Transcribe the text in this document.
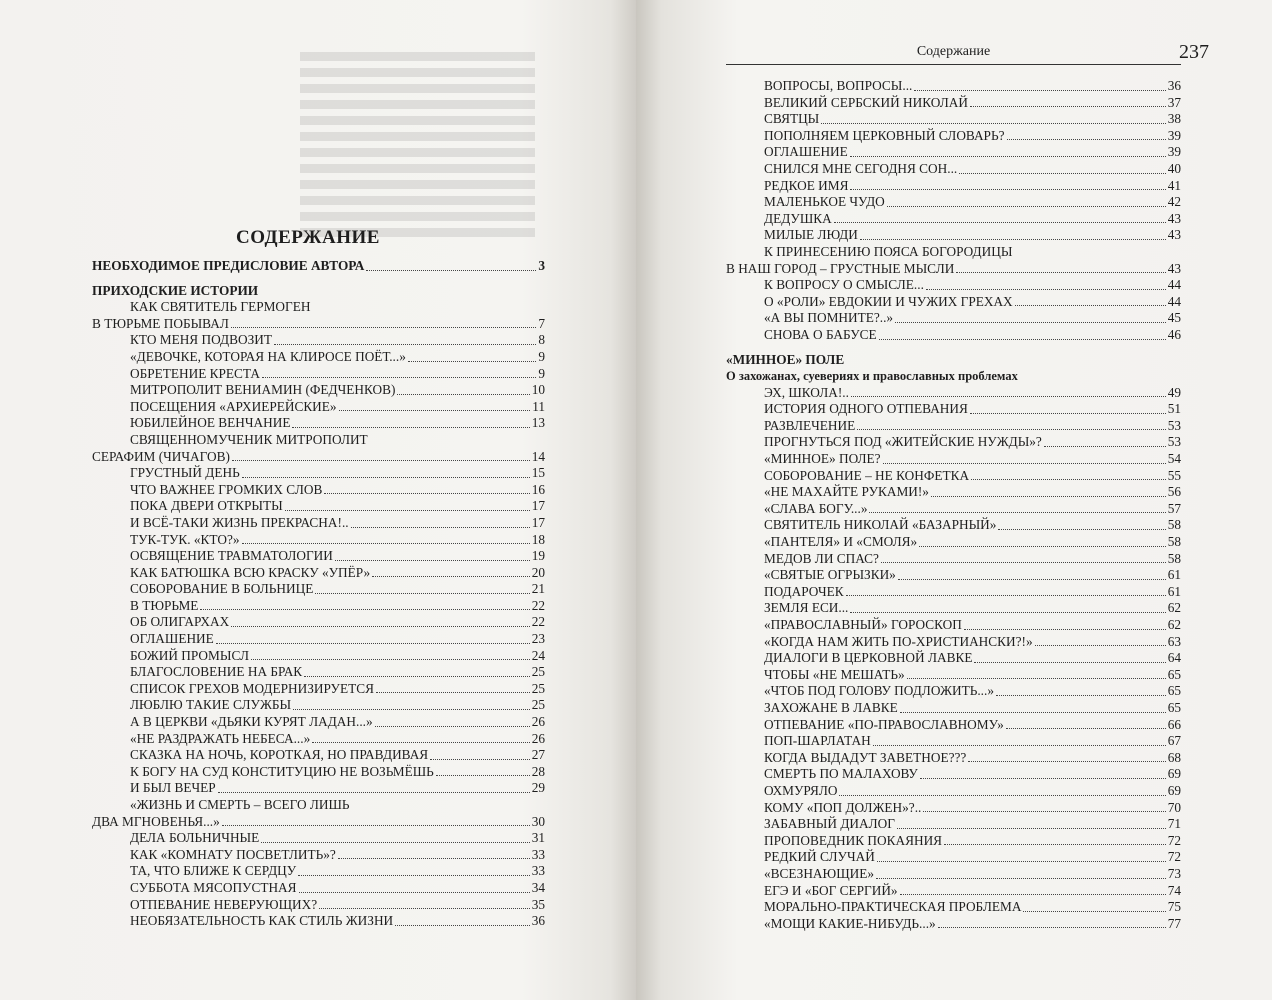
СОДЕРЖАНИЕ
НЕОБХОДИМОЕ ПРЕДИСЛОВИЕ АВТОРА	3
ПРИХОДСКИЕ ИСТОРИИ
КАК СВЯТИТЕЛЬ ГЕРМОГЕН
В ТЮРЬМЕ ПОБЫВАЛ	7
КТО МЕНЯ ПОДВОЗИТ	8
«ДЕВОЧКЕ, КОТОРАЯ НА КЛИРОСЕ ПОЁТ...»	9
ОБРЕТЕНИЕ КРЕСТА	9
МИТРОПОЛИТ ВЕНИАМИН (ФЕДЧЕНКОВ)	10
ПОСЕЩЕНИЯ «АРХИЕРЕЙСКИЕ»	11
ЮБИЛЕЙНОЕ ВЕНЧАНИЕ	13
СВЯЩЕННОМУЧЕНИК МИТРОПОЛИТ
СЕРАФИМ (ЧИЧАГОВ)	14
ГРУСТНЫЙ ДЕНЬ	15
ЧТО ВАЖНЕЕ ГРОМКИХ СЛОВ	16
ПОКА ДВЕРИ ОТКРЫТЫ	17
И ВСЁ-ТАКИ ЖИЗНЬ ПРЕКРАСНА!..	17
ТУК-ТУК. «КТО?»	18
ОСВЯЩЕНИЕ ТРАВМАТОЛОГИИ	19
КАК БАТЮШКА ВСЮ КРАСКУ «УПЁР»	20
СОБОРОВАНИЕ В БОЛЬНИЦЕ	21
В ТЮРЬМЕ	22
ОБ ОЛИГАРХАХ	22
ОГЛАШЕНИЕ	23
БОЖИЙ ПРОМЫСЛ	24
БЛАГОСЛОВЕНИЕ НА БРАК	25
СПИСОК ГРЕХОВ МОДЕРНИЗИРУЕТСЯ	25
ЛЮБЛЮ ТАКИЕ СЛУЖБЫ	25
А В ЦЕРКВИ «ДЬЯКИ КУРЯТ ЛАДАН...»	26
«НЕ РАЗДРАЖАТЬ НЕБЕСА...»	26
СКАЗКА НА НОЧЬ, КОРОТКАЯ, НО ПРАВДИВАЯ	27
К БОГУ НА СУД КОНСТИТУЦИЮ НЕ ВОЗЬМЁШЬ	28
И БЫЛ ВЕЧЕР	29
«ЖИЗНЬ И СМЕРТЬ – ВСЕГО ЛИШЬ
ДВА МГНОВЕНЬЯ...»	30
ДЕЛА БОЛЬНИЧНЫЕ	31
КАК «КОМНАТУ ПОСВЕТЛИТЬ»?	33
ТА, ЧТО БЛИЖЕ К СЕРДЦУ	33
СУББОТА МЯСОПУСТНАЯ	34
ОТПЕВАНИЕ НЕВЕРУЮЩИХ?	35
НЕОБЯЗАТЕЛЬНОСТЬ КАК СТИЛЬ ЖИЗНИ	36
Содержание	237
ВОПРОСЫ, ВОПРОСЫ...	36
ВЕЛИКИЙ СЕРБСКИЙ НИКОЛАЙ	37
СВЯТЦЫ	38
ПОПОЛНЯЕМ ЦЕРКОВНЫЙ СЛОВАРЬ?	39
ОГЛАШЕНИЕ	39
СНИЛСЯ МНЕ СЕГОДНЯ СОН...	40
РЕДКОЕ ИМЯ	41
МАЛЕНЬКОЕ ЧУДО	42
ДЕДУШКА	43
МИЛЫЕ ЛЮДИ	43
К ПРИНЕСЕНИЮ ПОЯСА БОГОРОДИЦЫ
В НАШ ГОРОД – ГРУСТНЫЕ МЫСЛИ	43
К ВОПРОСУ О СМЫСЛЕ...	44
О «РОЛИ» ЕВДОКИИ И ЧУЖИХ ГРЕХАХ	44
«А ВЫ ПОМНИТЕ?..»	45
СНОВА О БАБУСЕ	46
«МИННОЕ» ПОЛЕ
О захожанах, суевериях и православных проблемах
ЭХ, ШКОЛА!..	49
ИСТОРИЯ ОДНОГО ОТПЕВАНИЯ	51
РАЗВЛЕЧЕНИЕ	53
ПРОГНУТЬСЯ ПОД «ЖИТЕЙСКИЕ НУЖДЫ»?	53
«МИННОЕ» ПОЛЕ?	54
СОБОРОВАНИЕ – НЕ КОНФЕТКА	55
«НЕ МАХАЙТЕ РУКАМИ!»	56
«СЛАВА БОГУ...»	57
СВЯТИТЕЛЬ НИКОЛАЙ «БАЗАРНЫЙ»	58
«ПАНТЕЛЯ» И «СМОЛЯ»	58
МЕДОВ ЛИ СПАС?	58
«СВЯТЫЕ ОГРЫЗКИ»	61
ПОДАРОЧЕК	61
ЗЕМЛЯ ЕСИ...	62
«ПРАВОСЛАВНЫЙ» ГОРОСКОП	62
«КОГДА НАМ ЖИТЬ ПО-ХРИСТИАНСКИ?!»	63
ДИАЛОГИ В ЦЕРКОВНОЙ ЛАВКЕ	64
ЧТОБЫ «НЕ МЕШАТЬ»	65
«ЧТОБ ПОД ГОЛОВУ ПОДЛОЖИТЬ...»	65
ЗАХОЖАНЕ В ЛАВКЕ	65
ОТПЕВАНИЕ «ПО-ПРАВОСЛАВНОМУ»	66
ПОП-ШАРЛАТАН	67
КОГДА ВЫДАДУТ ЗАВЕТНОЕ???	68
СМЕРТЬ ПО МАЛАХОВУ	69
ОХМУРЯЛО	69
КОМУ «ПОП ДОЛЖЕН»?..	70
ЗАБАВНЫЙ ДИАЛОГ	71
ПРОПОВЕДНИК ПОКАЯНИЯ	72
РЕДКИЙ СЛУЧАЙ	72
«ВСЕЗНАЮЩИЕ»	73
ЕГЭ И «БОГ СЕРГИЙ»	74
МОРАЛЬНО-ПРАКТИЧЕСКАЯ ПРОБЛЕМА	75
«МОЩИ КАКИЕ-НИБУДЬ...»	77
